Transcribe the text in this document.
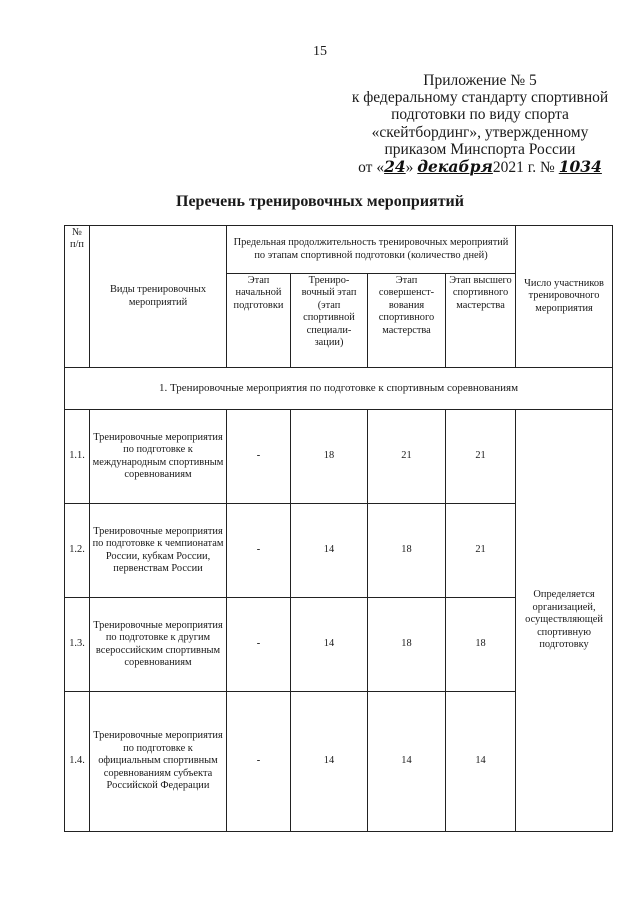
15
Приложение № 5
к федеральному стандарту спортивной
подготовки по виду спорта
«скейтбординг», утвержденному
приказом Минспорта России
от «24» декабря2021 г. № 1034
Перечень тренировочных мероприятий
№ п/п	Виды тренировочных мероприятий	Предельная продолжительность тренировочных мероприятий по этапам спортивной подготовки (количество дней)				Число участников тренировочного мероприятия
		Этап начальной подготовки	Трениро- вочный этап (этап спортивной специали- зации)	Этап совершенст- вования спортивного мастерства	Этап высшего спортивного мастерства	
1. Тренировочные мероприятия по подготовке к спортивным соревнованиям						
1.1.	Тренировочные мероприятия по подготовке к международным спортивным соревнованиям	-	18	21	21	Определяется организацией, осуществляющей спортивную подготовку
1.2.	Тренировочные мероприятия по подготовке к чемпионатам России, кубкам России, первенствам России	-	14	18	21	
1.3.	Тренировочные мероприятия по подготовке к другим всероссийским спортивным соревнованиям	-	14	18	18	
1.4.	Тренировочные мероприятия по подготовке к официальным спортивным соревнованиям субъекта Российской Федерации	-	14	14	14	
